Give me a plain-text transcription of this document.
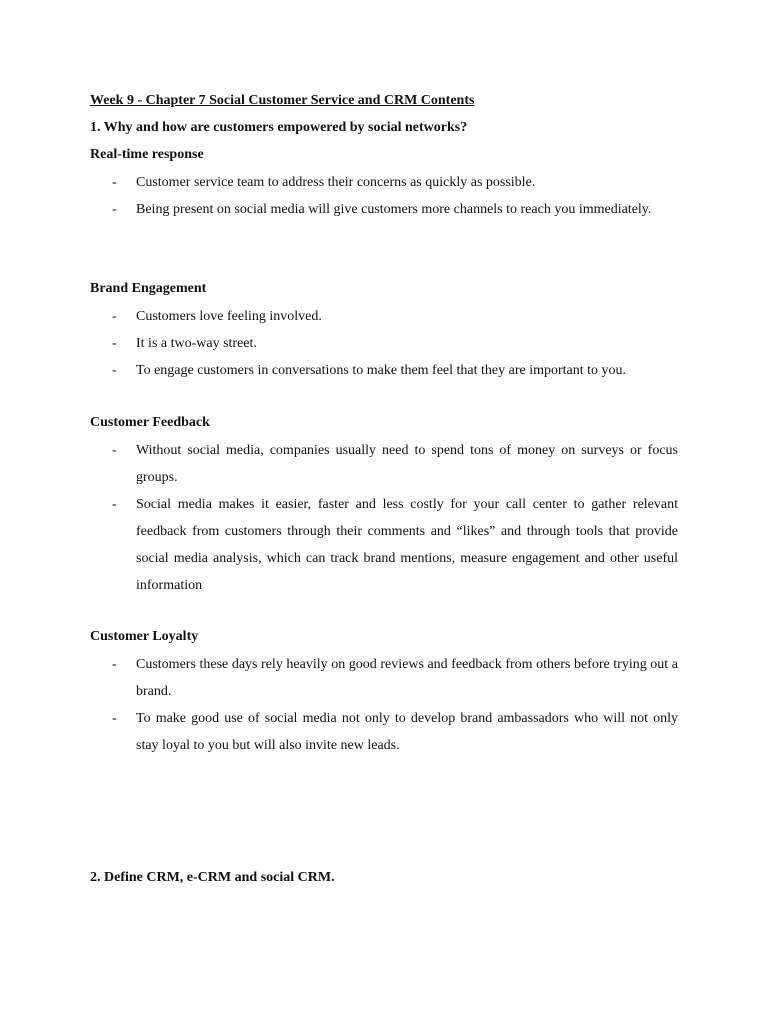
Week 9 - Chapter 7 Social Customer Service and CRM Contents
1. Why and how are customers empowered by social networks?
Real-time response
- Customer service team to address their concerns as quickly as possible.
- Being present on social media will give customers more channels to reach you immediately.
Brand Engagement
- Customers love feeling involved.
- It is a two-way street.
- To engage customers in conversations to make them feel that they are important to you.
Customer Feedback
- Without social media, companies usually need to spend tons of money on surveys or focus groups.
- Social media makes it easier, faster and less costly for your call center to gather relevant feedback from customers through their comments and “likes” and through tools that provide social media analysis, which can track brand mentions, measure engagement and other useful information
Customer Loyalty
- Customers these days rely heavily on good reviews and feedback from others before trying out a brand.
- To make good use of social media not only to develop brand ambassadors who will not only stay loyal to you but will also invite new leads.
2. Define CRM, e-CRM and social CRM.
